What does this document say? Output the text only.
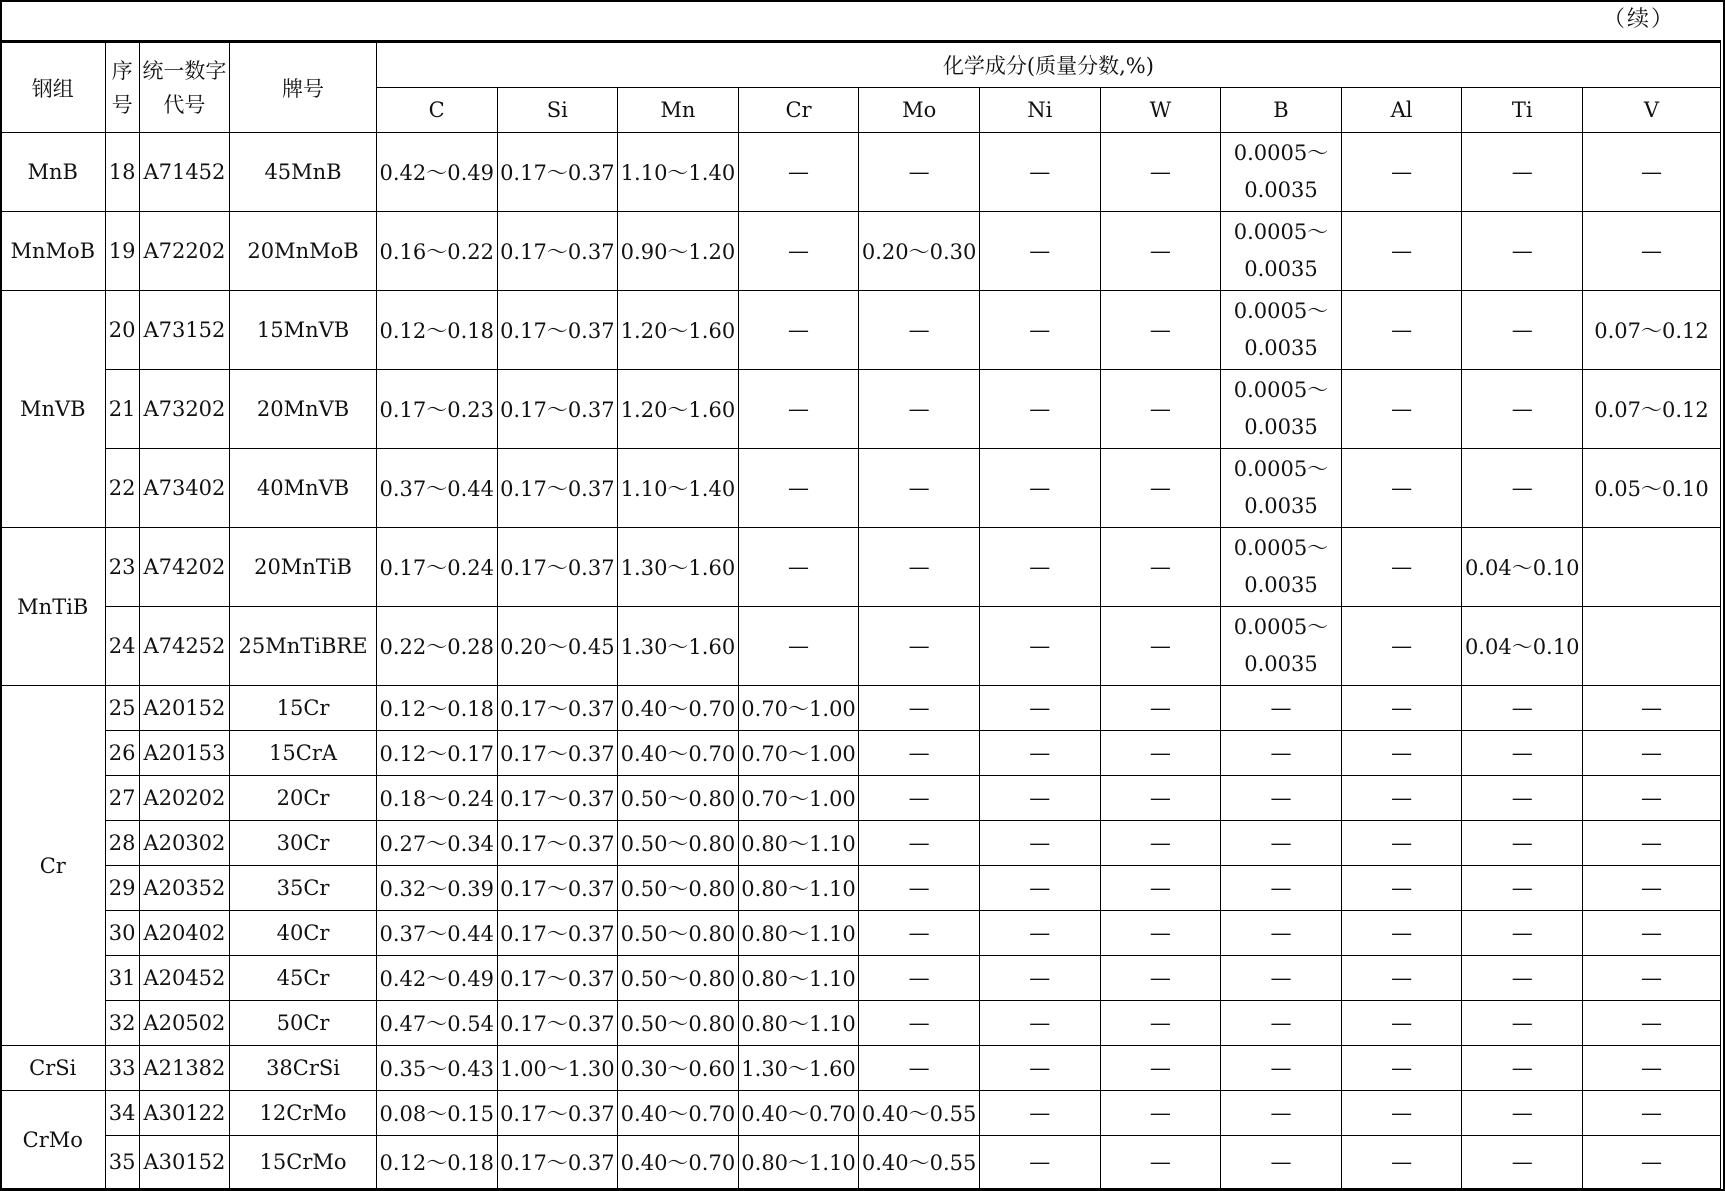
（续）
钢组	序号	统一数字代号	牌号	化学成分(质量分数,%)										
				C	Si	Mn	Cr	Mo	Ni	W	B	Al	Ti	V
MnB	18	A71452	45MnB	0.42～0.49	0.17～0.37	1.10～1.40	—	—	—	—	0.0005～
0.0035	—	—	—
MnMoB	19	A72202	20MnMoB	0.16～0.22	0.17～0.37	0.90～1.20	—	0.20～0.30	—	—	0.0005～
0.0035	—	—	—
MnVB	20	A73152	15MnVB	0.12～0.18	0.17～0.37	1.20～1.60	—	—	—	—	0.0005～
0.0035	—	—	0.07～0.12
	21	A73202	20MnVB	0.17～0.23	0.17～0.37	1.20～1.60	—	—	—	—	0.0005～
0.0035	—	—	0.07～0.12
	22	A73402	40MnVB	0.37～0.44	0.17～0.37	1.10～1.40	—	—	—	—	0.0005～
0.0035	—	—	0.05～0.10
MnTiB	23	A74202	20MnTiB	0.17～0.24	0.17～0.37	1.30～1.60	—	—	—	—	0.0005～
0.0035	—	0.04～0.10	
	24	A74252	25MnTiBRE	0.22～0.28	0.20～0.45	1.30～1.60	—	—	—	—	0.0005～
0.0035	—	0.04～0.10	
Cr	25	A20152	15Cr	0.12～0.18	0.17～0.37	0.40～0.70	0.70～1.00	—	—	—	—	—	—	—
	26	A20153	15CrA	0.12～0.17	0.17～0.37	0.40～0.70	0.70～1.00	—	—	—	—	—	—	—
	27	A20202	20Cr	0.18～0.24	0.17～0.37	0.50～0.80	0.70～1.00	—	—	—	—	—	—	—
	28	A20302	30Cr	0.27～0.34	0.17～0.37	0.50～0.80	0.80～1.10	—	—	—	—	—	—	—
	29	A20352	35Cr	0.32～0.39	0.17～0.37	0.50～0.80	0.80～1.10	—	—	—	—	—	—	—
	30	A20402	40Cr	0.37～0.44	0.17～0.37	0.50～0.80	0.80～1.10	—	—	—	—	—	—	—
	31	A20452	45Cr	0.42～0.49	0.17～0.37	0.50～0.80	0.80～1.10	—	—	—	—	—	—	—
	32	A20502	50Cr	0.47～0.54	0.17～0.37	0.50～0.80	0.80～1.10	—	—	—	—	—	—	—
CrSi	33	A21382	38CrSi	0.35～0.43	1.00～1.30	0.30～0.60	1.30～1.60	—	—	—	—	—	—	—
CrMo	34	A30122	12CrMo	0.08～0.15	0.17～0.37	0.40～0.70	0.40～0.70	0.40～0.55	—	—	—	—	—	—
	35	A30152	15CrMo	0.12～0.18	0.17～0.37	0.40～0.70	0.80～1.10	0.40～0.55	—	—	—	—	—	—
